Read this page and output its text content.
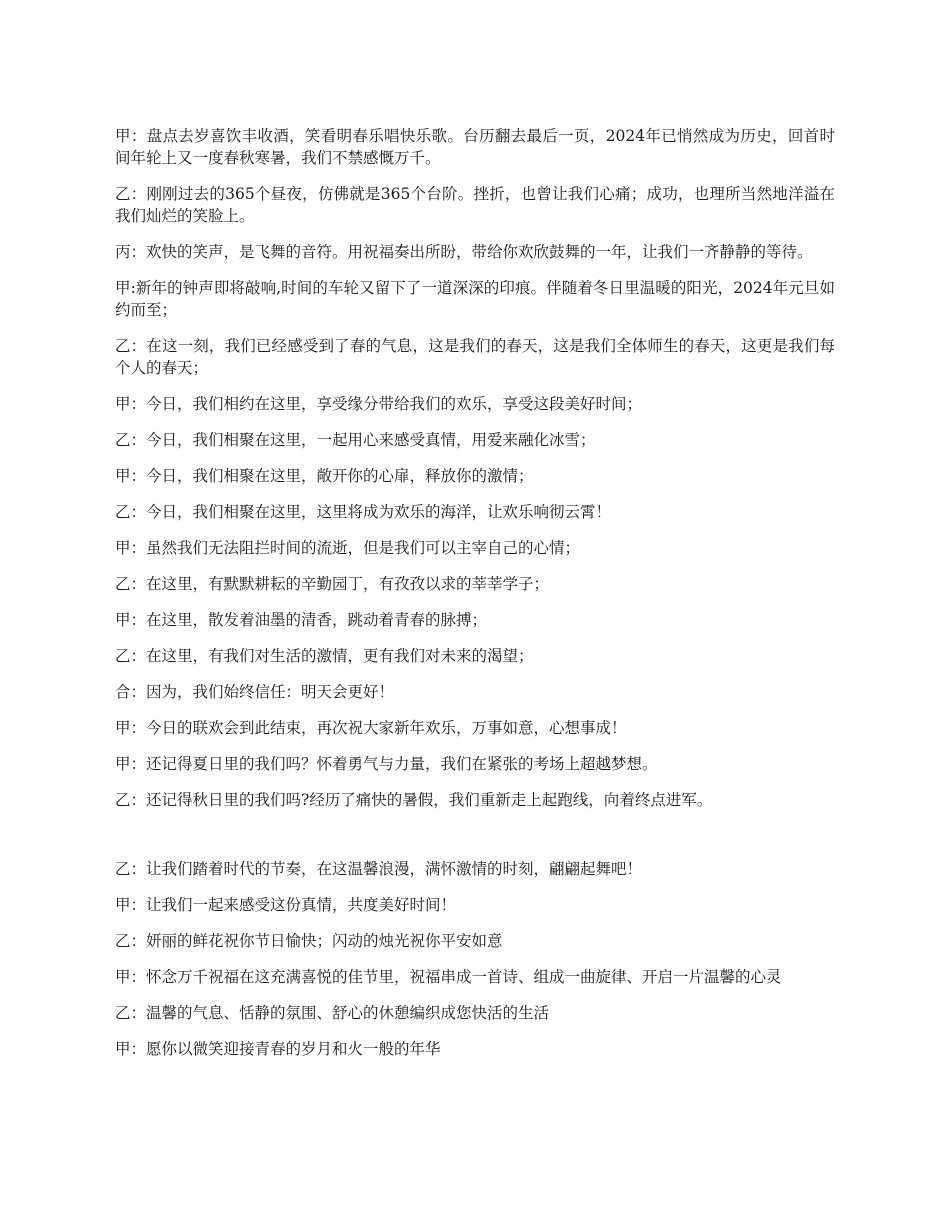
甲：盘点去岁喜饮丰收酒，笑看明春乐唱快乐歌。台历翻去最后一页，2024年已悄然成为历史，回首时间年轮上又一度春秋寒暑，我们不禁感慨万千。

乙：刚刚过去的365个昼夜，仿佛就是365个台阶。挫折，也曾让我们心痛；成功，也理所当然地洋溢在我们灿烂的笑脸上。

丙：欢快的笑声，是飞舞的音符。用祝福奏出所盼，带给你欢欣鼓舞的一年，让我们一齐静静的等待。

甲:新年的钟声即将敲响,时间的车轮又留下了一道深深的印痕。伴随着冬日里温暖的阳光，2024年元旦如约而至；

乙：在这一刻，我们已经感受到了春的气息，这是我们的春天，这是我们全体师生的春天，这更是我们每个人的春天；

甲：今日，我们相约在这里，享受缘分带给我们的欢乐，享受这段美好时间；

乙：今日，我们相聚在这里，一起用心来感受真情，用爱来融化冰雪；

甲：今日，我们相聚在这里，敞开你的心扉，释放你的激情；

乙：今日，我们相聚在这里，这里将成为欢乐的海洋，让欢乐响彻云霄！

甲：虽然我们无法阻拦时间的流逝，但是我们可以主宰自己的心情；

乙：在这里，有默默耕耘的辛勤园丁，有孜孜以求的莘莘学子；

甲：在这里，散发着油墨的清香，跳动着青春的脉搏；

乙：在这里，有我们对生活的激情，更有我们对未来的渴望；

合：因为，我们始终信任：明天会更好！

甲：今日的联欢会到此结束，再次祝大家新年欢乐，万事如意，心想事成！

甲：还记得夏日里的我们吗？怀着勇气与力量，我们在紧张的考场上超越梦想。

乙：还记得秋日里的我们吗?经历了痛快的暑假，我们重新走上起跑线，向着终点进军。

乙：让我们踏着时代的节奏，在这温馨浪漫，满怀激情的时刻，翩翩起舞吧！

甲：让我们一起来感受这份真情，共度美好时间！

乙：妍丽的鲜花祝你节日愉快；闪动的烛光祝你平安如意

甲：怀念万千祝福在这充满喜悦的佳节里，祝福串成一首诗、组成一曲旋律、开启一片温馨的心灵

乙：温馨的气息、恬静的氛围、舒心的休憩编织成您快活的生活

甲：愿你以微笑迎接青春的岁月和火一般的年华
